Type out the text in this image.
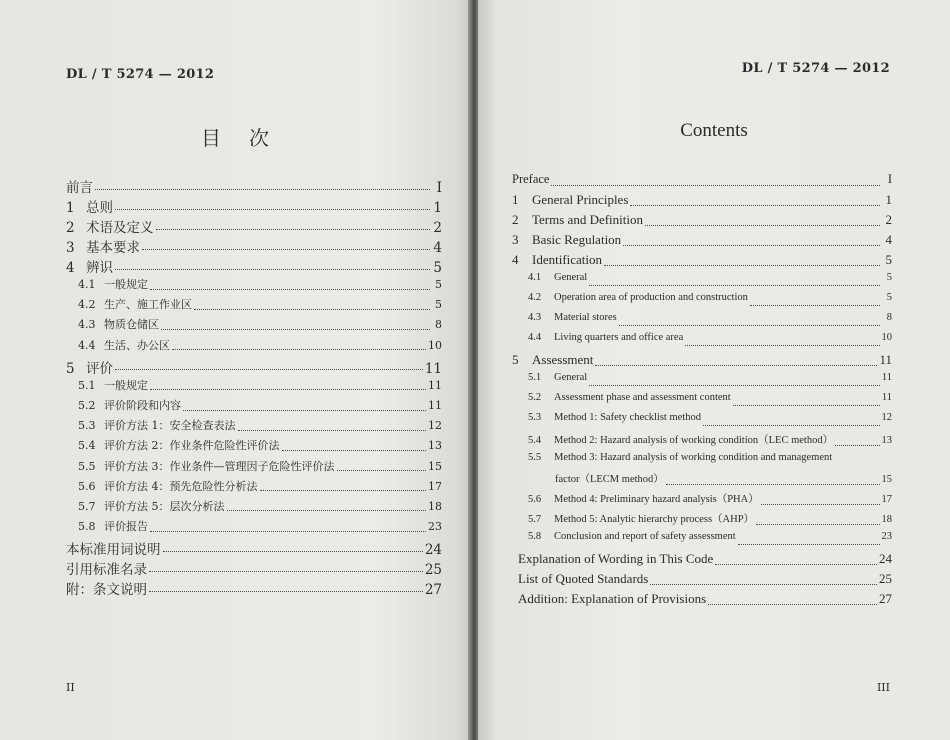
DL / T 5274 — 2012
目次
前言	I
1 总则	1
2 术语及定义	2
3 基本要求	4
4 辨识	5
4.1 一般规定	5
4.2 生产、施工作业区	5
4.3 物质仓储区	8
4.4 生活、办公区	10
5 评价	11
5.1 一般规定	11
5.2 评价阶段和内容	11
5.3 评价方法 1：安全检查表法	12
5.4 评价方法 2：作业条件危险性评价法	13
5.5 评价方法 3：作业条件—管理因子危险性评价法	15
5.6 评价方法 4：预先危险性分析法	17
5.7 评价方法 5：层次分析法	18
5.8 评价报告	23
本标准用词说明	24
引用标准名录	25
附：条文说明	27
II
DL / T 5274 — 2012
Contents
Preface	I
1	General Principles	1
2	Terms and Definition	2
3	Basic Regulation	4
4	Identification	5
4.1	General	5
4.2	Operation area of production and construction	5
4.3	Material stores	8
4.4	Living quarters and office area	10
5	Assessment	11
5.1	General	11
5.2	Assessment phase and assessment content	11
5.3	Method 1: Safety checklist method	12
5.4	Method 2: Hazard analysis of working condition（LEC method）	13
5.5	Method 3: Hazard analysis of working condition and management
factor（LECM method）	15
5.6	Method 4: Preliminary hazard analysis（PHA）	17
5.7	Method 5: Analytic hierarchy process（AHP）	18
5.8	Conclusion and report of safety assessment	23
Explanation of Wording in This Code	24
List of Quoted Standards	25
Addition: Explanation of Provisions	27
III
